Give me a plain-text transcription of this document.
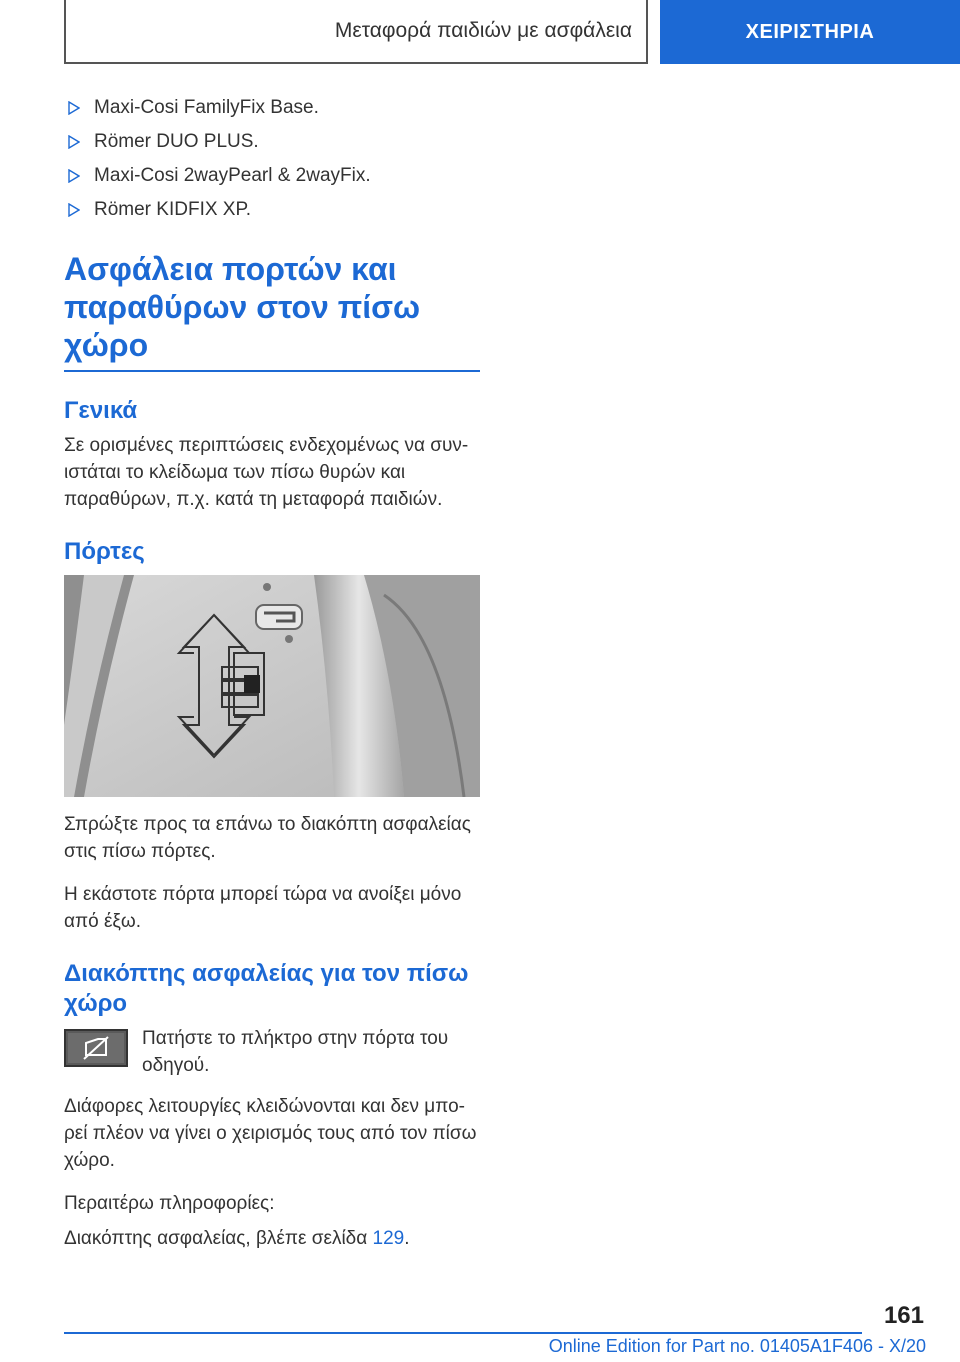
Μεταφορά παιδιών με ασφάλεια	ΧΕΙΡΙΣΤΗΡΙΑ
Maxi-Cosi FamilyFix Base.
Römer DUO PLUS.
Maxi-Cosi 2wayPearl & 2wayFix.
Römer KIDFIX XP.
Ασφάλεια πορτών και παραθύρων στον πίσω χώρο
Γενικά

Σε ορισμένες περιπτώσεις ενδεχομένως να συνιστάται το κλείδωμα των πίσω θυρών και παραθύρων, π.χ. κατά τη μεταφορά παιδιών.

Πόρτες

Σπρώξτε προς τα επάνω το διακόπτη ασφαλείας στις πίσω πόρτες.

Η εκάστοτε πόρτα μπορεί τώρα να ανοίξει μόνο από έξω.

Διακόπτης ασφαλείας για τον πίσω χώρο

Πατήστε το πλήκτρο στην πόρτα του οδηγού.

Διάφορες λειτουργίες κλειδώνονται και δεν μπορεί πλέον να γίνει ο χειρισμός τους από τον πίσω χώρο.

Περαιτέρω πληροφορίες:

Διακόπτης ασφαλείας, βλέπε σελίδα 129.

161
Online Edition for Part no. 01405A1F406 - X/20
